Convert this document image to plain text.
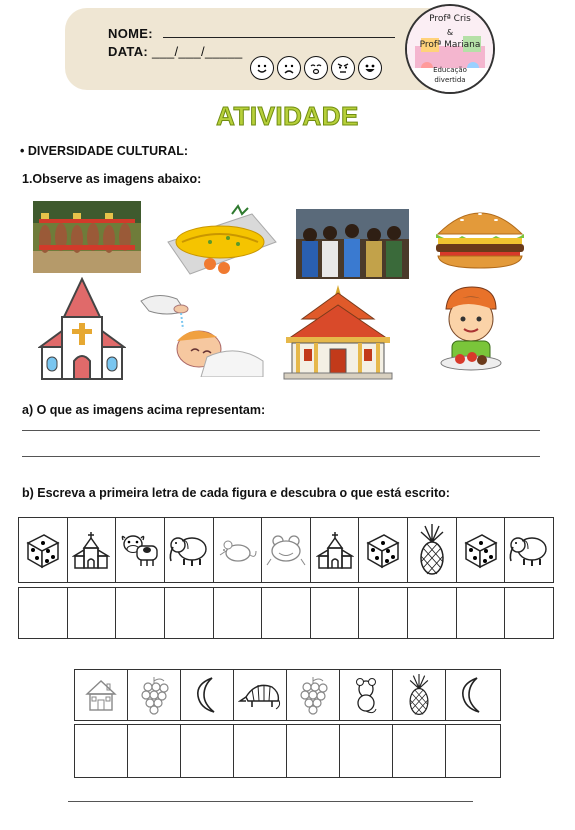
NOME:
DATA: ___/___/_____
Profª Cris
&
Profª Mariana
Educação
divertida
ATIVIDADE
• DIVERSIDADE CULTURAL:
1.Observe as imagens abaixo:
a) O que as imagens acima representam:
b) Escreva a primeira letra de cada figura e descubra o que está escrito:
